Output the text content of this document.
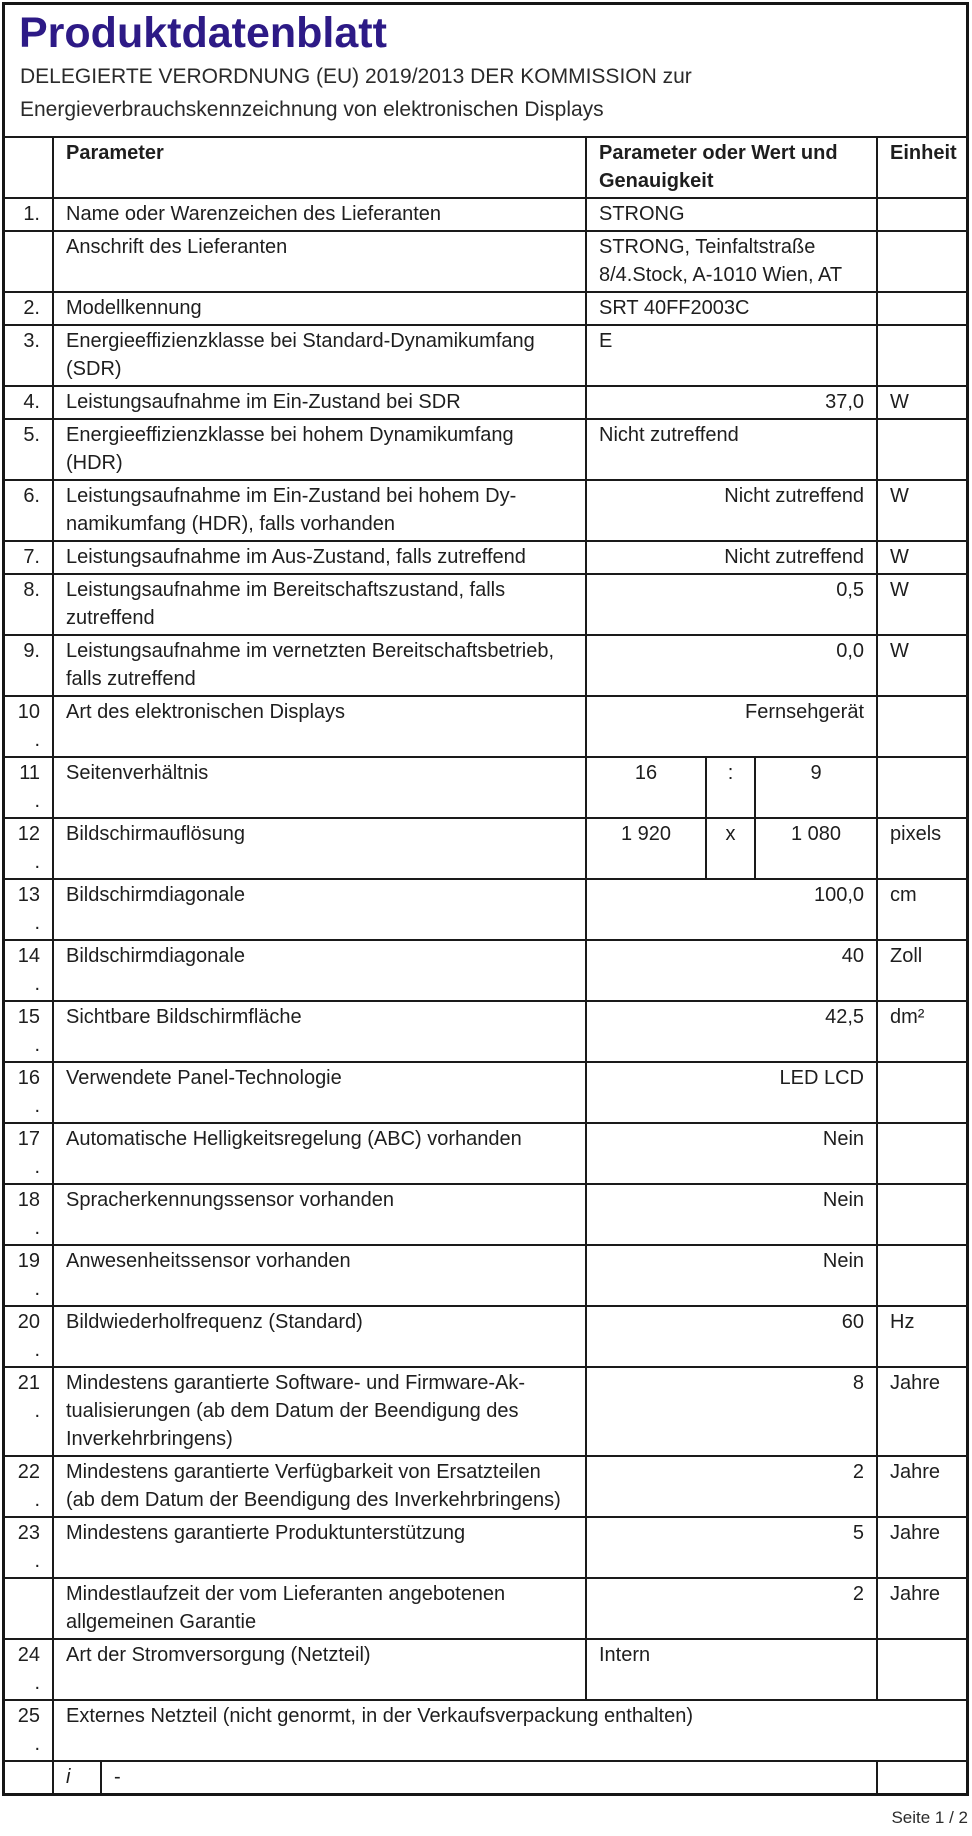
Produktdatenblatt

DELEGIERTE VERORDNUNG (EU) 2019/2013 DER KOMMISSION zur

Energieverbrauchskennzeichnung von elektronischen Displays

	Parameter		Parameter oder Wert und Genauigkeit			Einheit
1.	Name oder Warenzeichen des Lieferanten		STRONG			
	Anschrift des Lieferanten		STRONG, Teinfaltstraße 8/4.Stock, A-1010 Wien, AT			
2.	Modellkennung		SRT 40FF2003C			
3.	Energieeffizienzklasse bei Standard-Dynamikumfang (SDR)		E			
4.	Leistungsaufnahme im Ein-Zustand bei SDR		37,0			W
5.	Energieeffizienzklasse bei hohem Dynamikumfang (HDR)		Nicht zutreffend			
6.	Leistungsaufnahme im Ein-Zustand bei hohem Dynamikumfang (HDR), falls vorhanden		Nicht zutreffend			W
7.	Leistungsaufnahme im Aus-Zustand, falls zutreffend		Nicht zutreffend			W
8.	Leistungsaufnahme im Bereitschaftszustand, falls zutreffend		0,5			W
9.	Leistungsaufnahme im vernetzten Bereitschaftsbetrieb, falls zutreffend		0,0			W
10.	Art des elektronischen Displays		Fernsehgerät			
11.	Seitenverhältnis		16	:	9	
12.	Bildschirmauflösung		1 920	x	1 080	pixels
13.	Bildschirmdiagonale		100,0			cm
14.	Bildschirmdiagonale		40			Zoll
15.	Sichtbare Bildschirmfläche		42,5			dm²
16.	Verwendete Panel-Technologie		LED LCD			
17.	Automatische Helligkeitsregelung (ABC) vorhanden		Nein			
18.	Spracherkennungssensor vorhanden		Nein			
19.	Anwesenheitssensor vorhanden		Nein			
20.	Bildwiederholfrequenz (Standard)		60			Hz
21.	Mindestens garantierte Software- und Firmware-Aktualisierungen (ab dem Datum der Beendigung des Inverkehrbringens)		8			Jahre
22.	Mindestens garantierte Verfügbarkeit von Ersatzteilen (ab dem Datum der Beendigung des Inverkehrbringens)		2			Jahre
23.	Mindestens garantierte Produktunterstützung		5			Jahre
	Mindestlaufzeit der vom Lieferanten angebotenen allgemeinen Garantie		2			Jahre
24.	Art der Stromversorgung (Netzteil)		Intern			
25.	Externes Netzteil (nicht genormt, in der Verkaufsverpackung enthalten)					
	i	-				
Seite 1 / 2
